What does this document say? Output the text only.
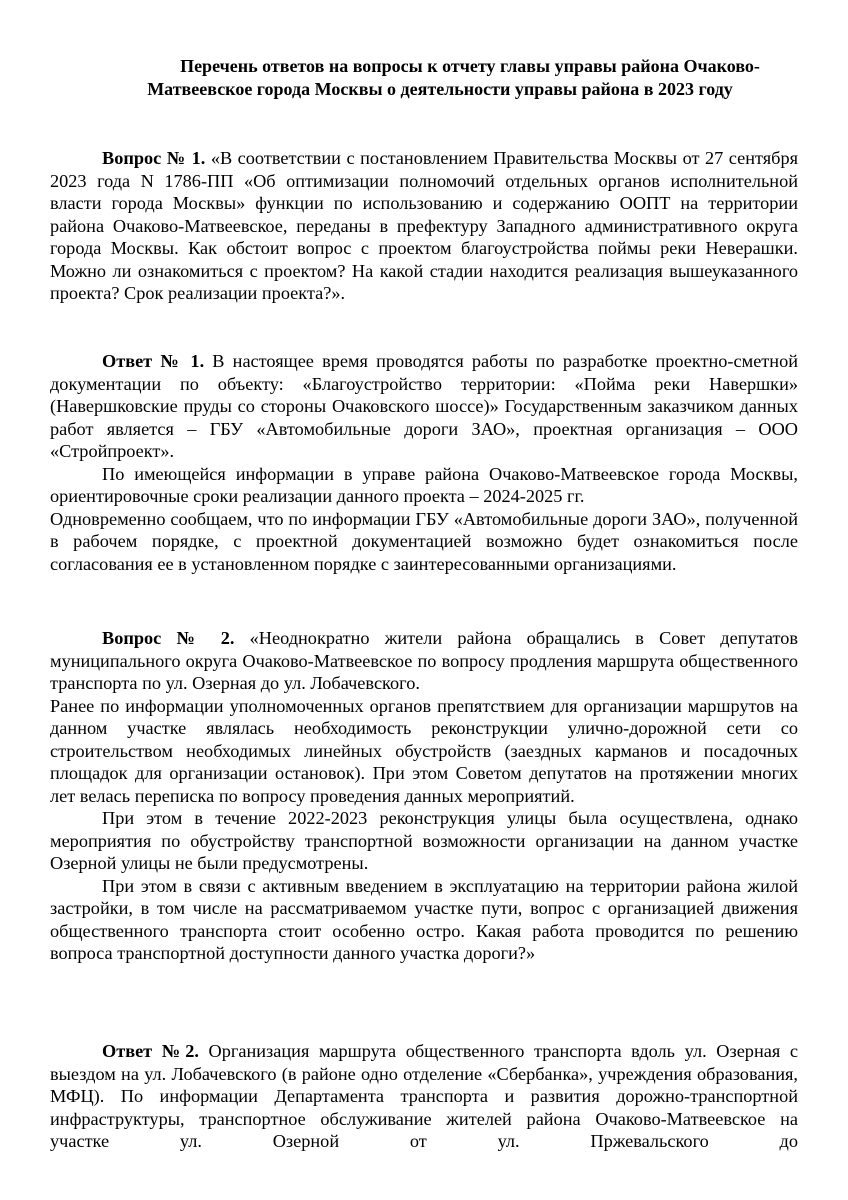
Перечень ответов на вопросы к отчету главы управы района Очаково-
Матвеевское города Москвы о деятельности управы района в 2023 году

Вопрос № 1. «В соответствии с постановлением Правительства Москвы от 27 сентября 2023 года N 1786-ПП «Об оптимизации полномочий отдельных органов исполнительной власти города Москвы» функции по использованию и содержанию ООПТ на территории района Очаково-Матвеевское, переданы в префектуру Западного административного округа города Москвы. Как обстоит вопрос с проектом благоустройства поймы реки Неверашки. Можно ли ознакомиться с проектом? На какой стадии находится реализация вышеуказанного проекта? Срок реализации проекта?».

Ответ № 1. В настоящее время проводятся работы по разработке проектно-сметной документации по объекту: «Благоустройство территории: «Пойма реки Навершки» (Навершковские пруды со стороны Очаковского шоссе)» Государственным заказчиком данных работ является – ГБУ «Автомобильные дороги ЗАО», проектная организация – ООО «Стройпроект».

По имеющейся информации в управе района Очаково-Матвеевское города Москвы, ориентировочные сроки реализации данного проекта – 2024-2025 гг.

Одновременно сообщаем, что по информации ГБУ «Автомобильные дороги ЗАО», полученной в рабочем порядке, с проектной документацией возможно будет ознакомиться после согласования ее в установленном порядке с заинтересованными организациями.

Вопрос № 2. «Неоднократно жители района обращались в Совет депутатов муниципального округа Очаково-Матвеевское по вопросу продления маршрута общественного транспорта по ул. Озерная до ул. Лобачевского.

Ранее по информации уполномоченных органов препятствием для организации маршрутов на данном участке являлась необходимость реконструкции улично-дорожной сети со строительством необходимых линейных обустройств (заездных карманов и посадочных площадок для организации остановок). При этом Советом депутатов на протяжении многих лет велась переписка по вопросу проведения данных мероприятий.

При этом в течение 2022-2023 реконструкция улицы была осуществлена, однако мероприятия по обустройству транспортной возможности организации на данном участке Озерной улицы не были предусмотрены.

При этом в связи с активным введением в эксплуатацию на территории района жилой застройки, в том числе на рассматриваемом участке пути, вопрос с организацией движения общественного транспорта стоит особенно остро. Какая работа проводится по решению вопроса транспортной доступности данного участка дороги?»

Ответ №2. Организация маршрута общественного транспорта вдоль ул. Озерная с выездом на ул. Лобачевского (в районе одно отделение «Сбербанка», учреждения образования, МФЦ). По информации Департамента транспорта и развития дорожно-транспортной инфраструктуры, транспортное обслуживание жителей района Очаково-Матвеевское на участке ул. Озерной от ул. Пржевальского до
